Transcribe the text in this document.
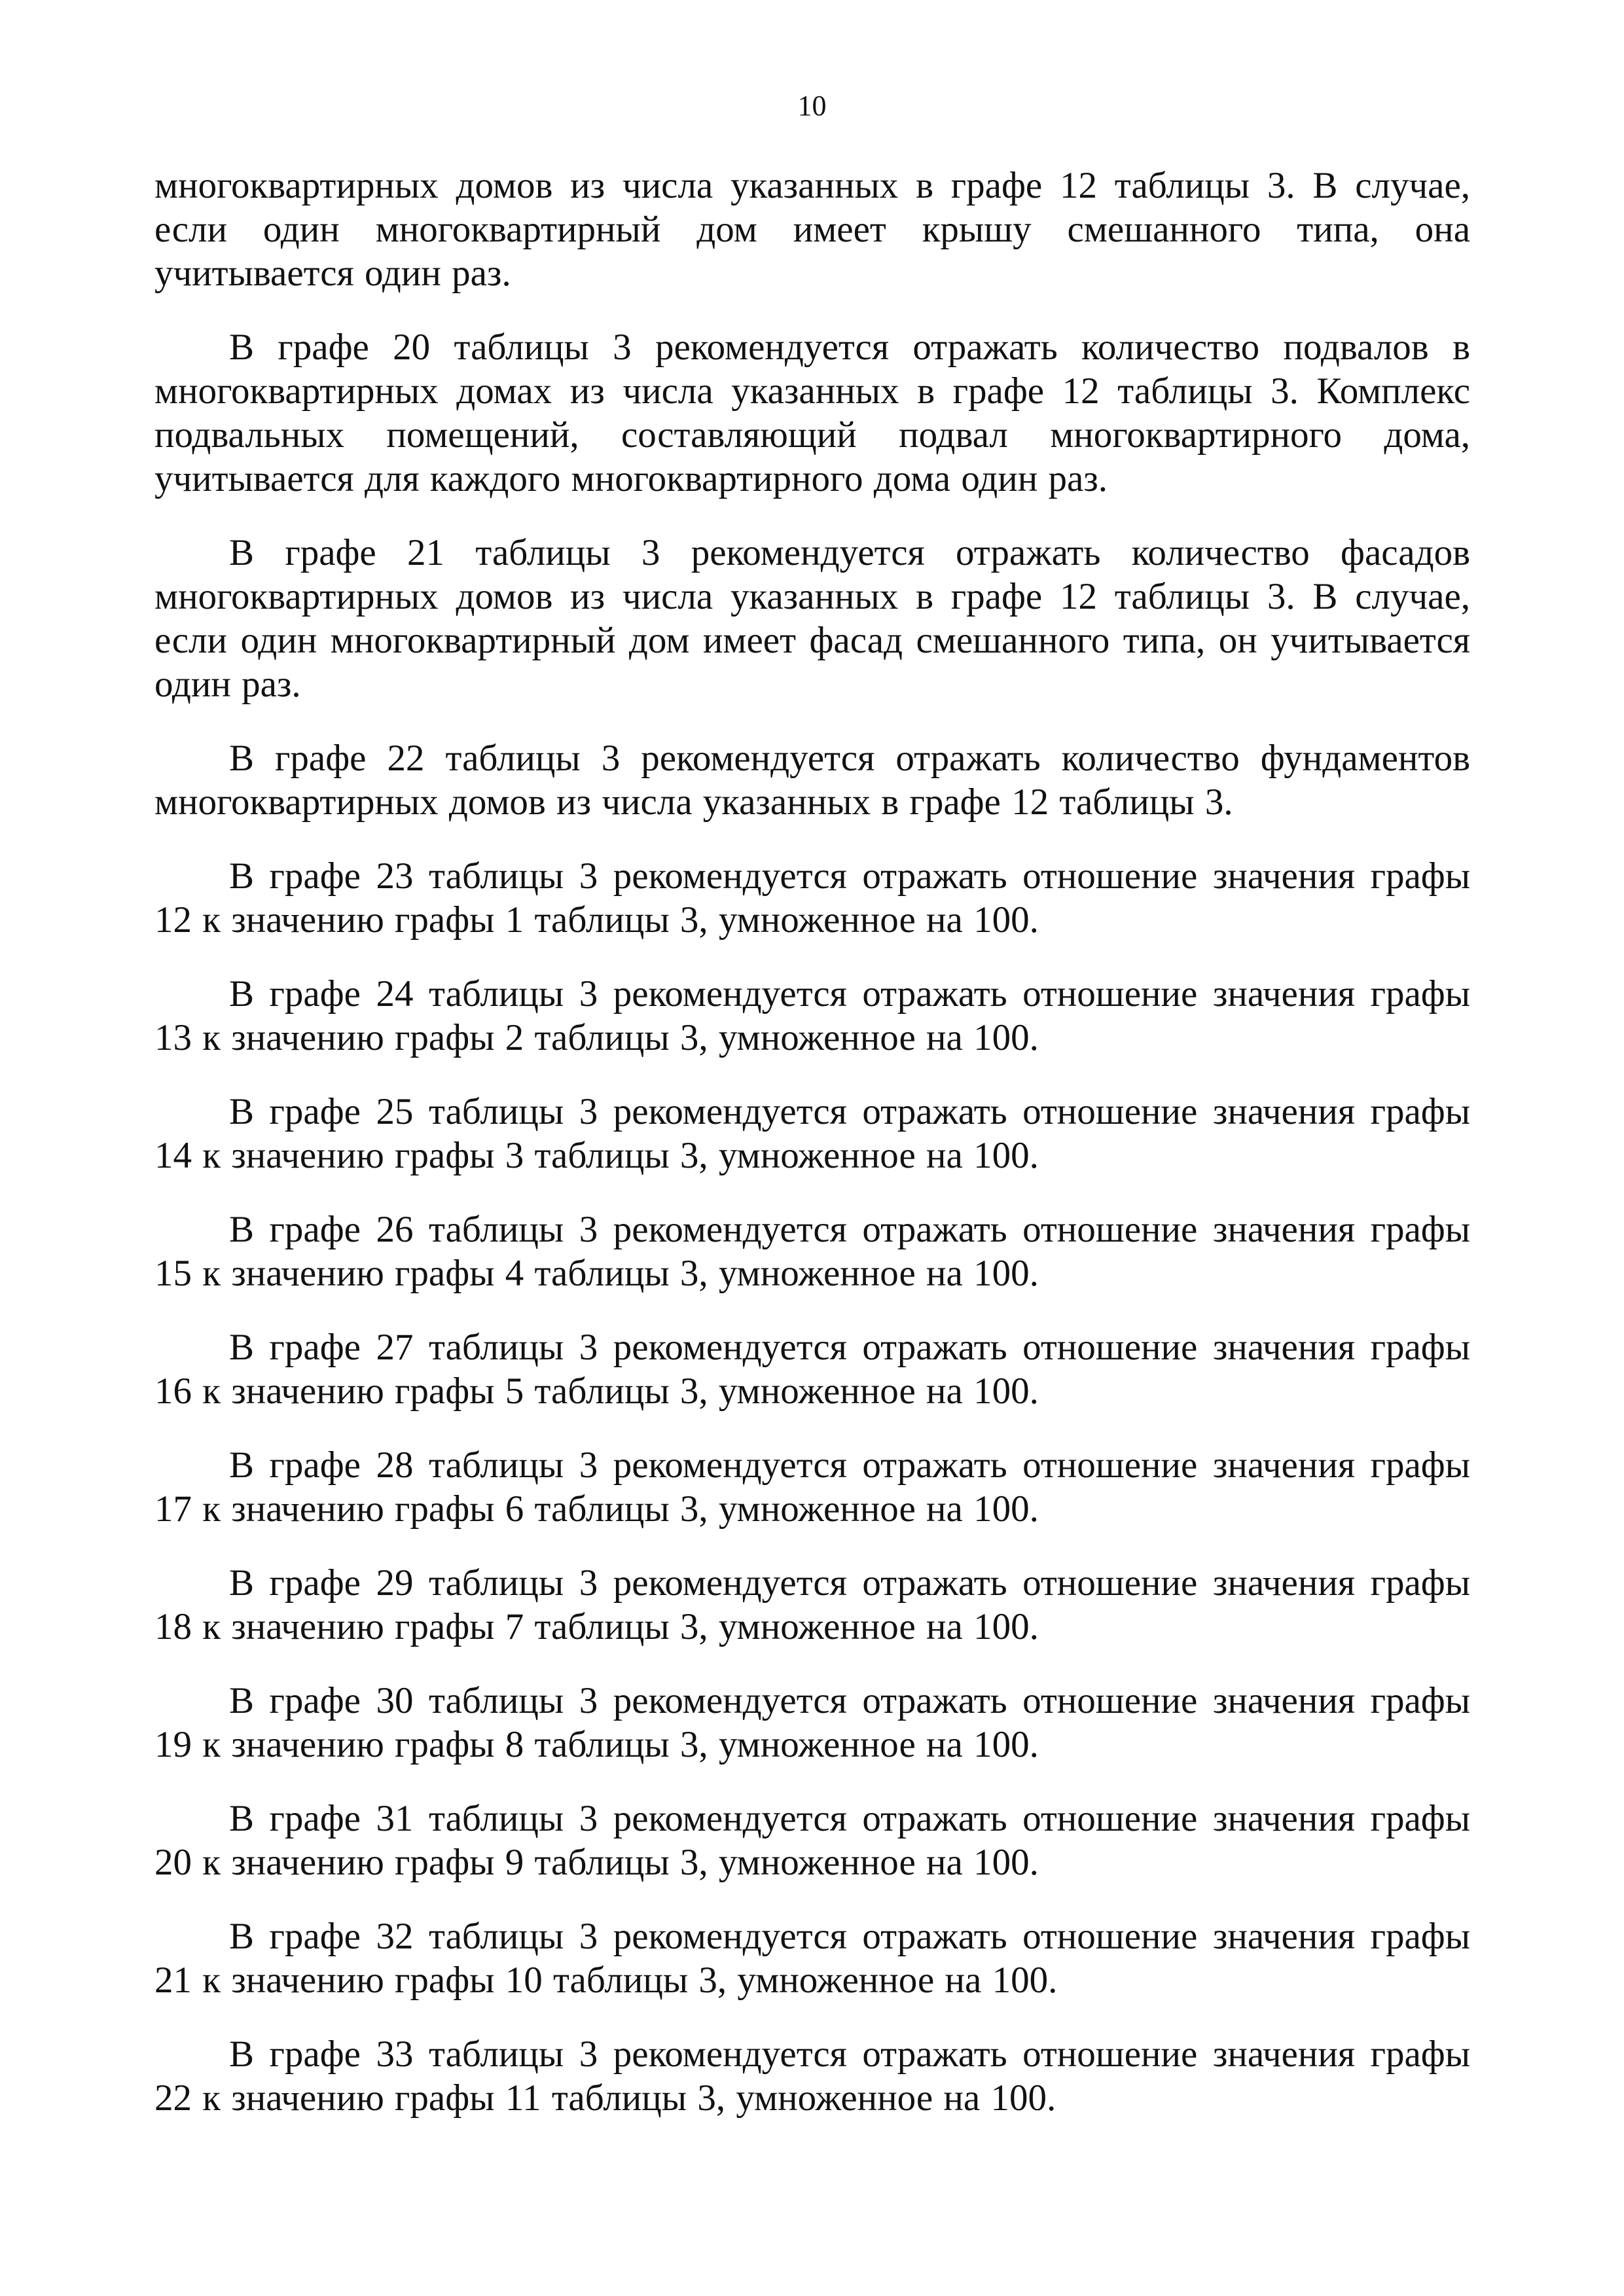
10

многоквартирных домов из числа указанных в графе 12 таблицы 3. В случае, если один многоквартирный дом имеет крышу смешанного типа, она учитывается один раз.

В графе 20 таблицы 3 рекомендуется отражать количество подвалов в многоквартирных домах из числа указанных в графе 12 таблицы 3. Комплекс подвальных помещений, составляющий подвал многоквартирного дома, учитывается для каждого многоквартирного дома один раз.

В графе 21 таблицы 3 рекомендуется отражать количество фасадов многоквартирных домов из числа указанных в графе 12 таблицы 3. В случае, если один многоквартирный дом имеет фасад смешанного типа, он учитывается один раз.

В графе 22 таблицы 3 рекомендуется отражать количество фундаментов многоквартирных домов из числа указанных в графе 12 таблицы 3.

В графе 23 таблицы 3 рекомендуется отражать отношение значения графы 12 к значению графы 1 таблицы 3, умноженное на 100.

В графе 24 таблицы 3 рекомендуется отражать отношение значения графы 13 к значению графы 2 таблицы 3, умноженное на 100.

В графе 25 таблицы 3 рекомендуется отражать отношение значения графы 14 к значению графы 3 таблицы 3, умноженное на 100.

В графе 26 таблицы 3 рекомендуется отражать отношение значения графы 15 к значению графы 4 таблицы 3, умноженное на 100.

В графе 27 таблицы 3 рекомендуется отражать отношение значения графы 16 к значению графы 5 таблицы 3, умноженное на 100.

В графе 28 таблицы 3 рекомендуется отражать отношение значения графы 17 к значению графы 6 таблицы 3, умноженное на 100.

В графе 29 таблицы 3 рекомендуется отражать отношение значения графы 18 к значению графы 7 таблицы 3, умноженное на 100.

В графе 30 таблицы 3 рекомендуется отражать отношение значения графы 19 к значению графы 8 таблицы 3, умноженное на 100.

В графе 31 таблицы 3 рекомендуется отражать отношение значения графы 20 к значению графы 9 таблицы 3, умноженное на 100.

В графе 32 таблицы 3 рекомендуется отражать отношение значения графы 21 к значению графы 10 таблицы 3, умноженное на 100.

В графе 33 таблицы 3 рекомендуется отражать отношение значения графы 22 к значению графы 11 таблицы 3, умноженное на 100.
